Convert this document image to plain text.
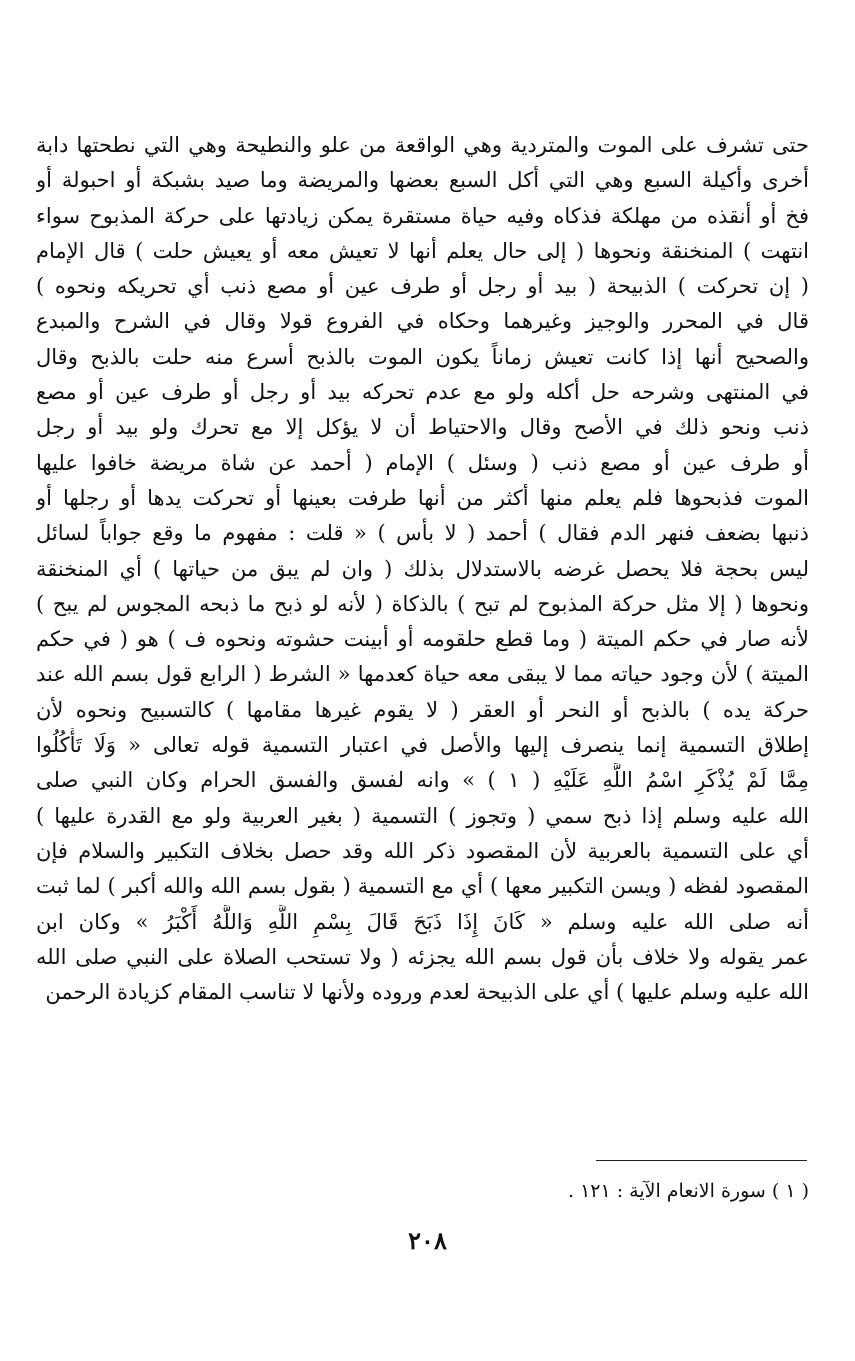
حتى تشرف على الموت والمتردية وهي الواقعة من علو والنطيحة وهي التي نطحتها دابة
أخرى وأكيلة السبع وهي التي أكل السبع بعضها والمريضة وما صيد بشبكة أو احبولة أو
فخ أو أنقذه من مهلكة فذكاه وفيه حياة مستقرة يمكن زيادتها على حركة المذبوح سواء
انتهت ) المنخنقة ونحوها ( إلى حال يعلم أنها لا تعيش معه أو يعيش حلت ) قال الإمام
( إن تحركت ) الذبيحة ( بيد أو رجل أو طرف عين أو مصع ذنب أي تحريكه ونحوه )
قال في المحرر والوجيز وغيرهما وحكاه في الفروع قولا وقال في الشرح والمبدع
والصحيح أنها إذا كانت تعيش زماناً يكون الموت بالذبح أسرع منه حلت بالذبح وقال
في المنتهى وشرحه حل أكله ولو مع عدم تحركه بيد أو رجل أو طرف عين أو مصع
ذنب ونحو ذلك في الأصح وقال والاحتياط أن لا يؤكل إلا مع تحرك ولو بيد أو رجل
أو طرف عين أو مصع ذنب ( وسئل ) الإمام ( أحمد عن شاة مريضة خافوا عليها
الموت فذبحوها فلم يعلم منها أكثر من أنها طرفت بعينها أو تحركت يدها أو رجلها أو
ذنبها بضعف فنهر الدم فقال ) أحمد ( لا بأس ) « قلت : مفهوم ما وقع جواباً لسائل
ليس بحجة فلا يحصل غرضه بالاستدلال بذلك ( وان لم يبق من حياتها ) أي المنخنقة
ونحوها ( إلا مثل حركة المذبوح لم تبح ) بالذكاة ( لأنه لو ذبح ما ذبحه المجوس لم يبح )
لأنه صار في حكم الميتة ( وما قطع حلقومه أو أبينت حشوته ونحوه ف ) هو ( في حكم
الميتة ) لأن وجود حياته مما لا يبقى معه حياة كعدمها « الشرط ( الرابع قول بسم الله عند
حركة يده ) بالذبح أو النحر أو العقر ( لا يقوم غيرها مقامها ) كالتسبيح ونحوه لأن
إطلاق التسمية إنما ينصرف إليها والأصل في اعتبار التسمية قوله تعالى « وَلَا تَأْكُلُوا
مِمَّا لَمْ يُذْكَرِ اسْمُ اللَّهِ عَلَيْهِ ( ١ ) » وانه لفسق والفسق الحرام وكان النبي صلى
الله عليه وسلم إذا ذبح سمي ( وتجوز ) التسمية ( بغير العربية ولو مع القدرة عليها )
أي على التسمية بالعربية لأن المقصود ذكر الله وقد حصل بخلاف التكبير والسلام فإن
المقصود لفظه ( ويسن التكبير معها ) أي مع التسمية ( بقول بسم الله والله أكبر ) لما ثبت
أنه صلى الله عليه وسلم « كَانَ إِذَا ذَبَحَ قَالَ بِسْمِ اللَّهِ وَاللَّهُ أَكْبَرُ » وكان ابن
عمر يقوله ولا خلاف بأن قول بسم الله يجزئه ( ولا تستحب الصلاة على النبي صلى الله
الله عليه وسلم عليها ) أي على الذبيحة لعدم وروده ولأنها لا تناسب المقام كزيادة الرحمن
( ١ ) سورة الانعام الآية : ١٢١ .
٢٠٨
